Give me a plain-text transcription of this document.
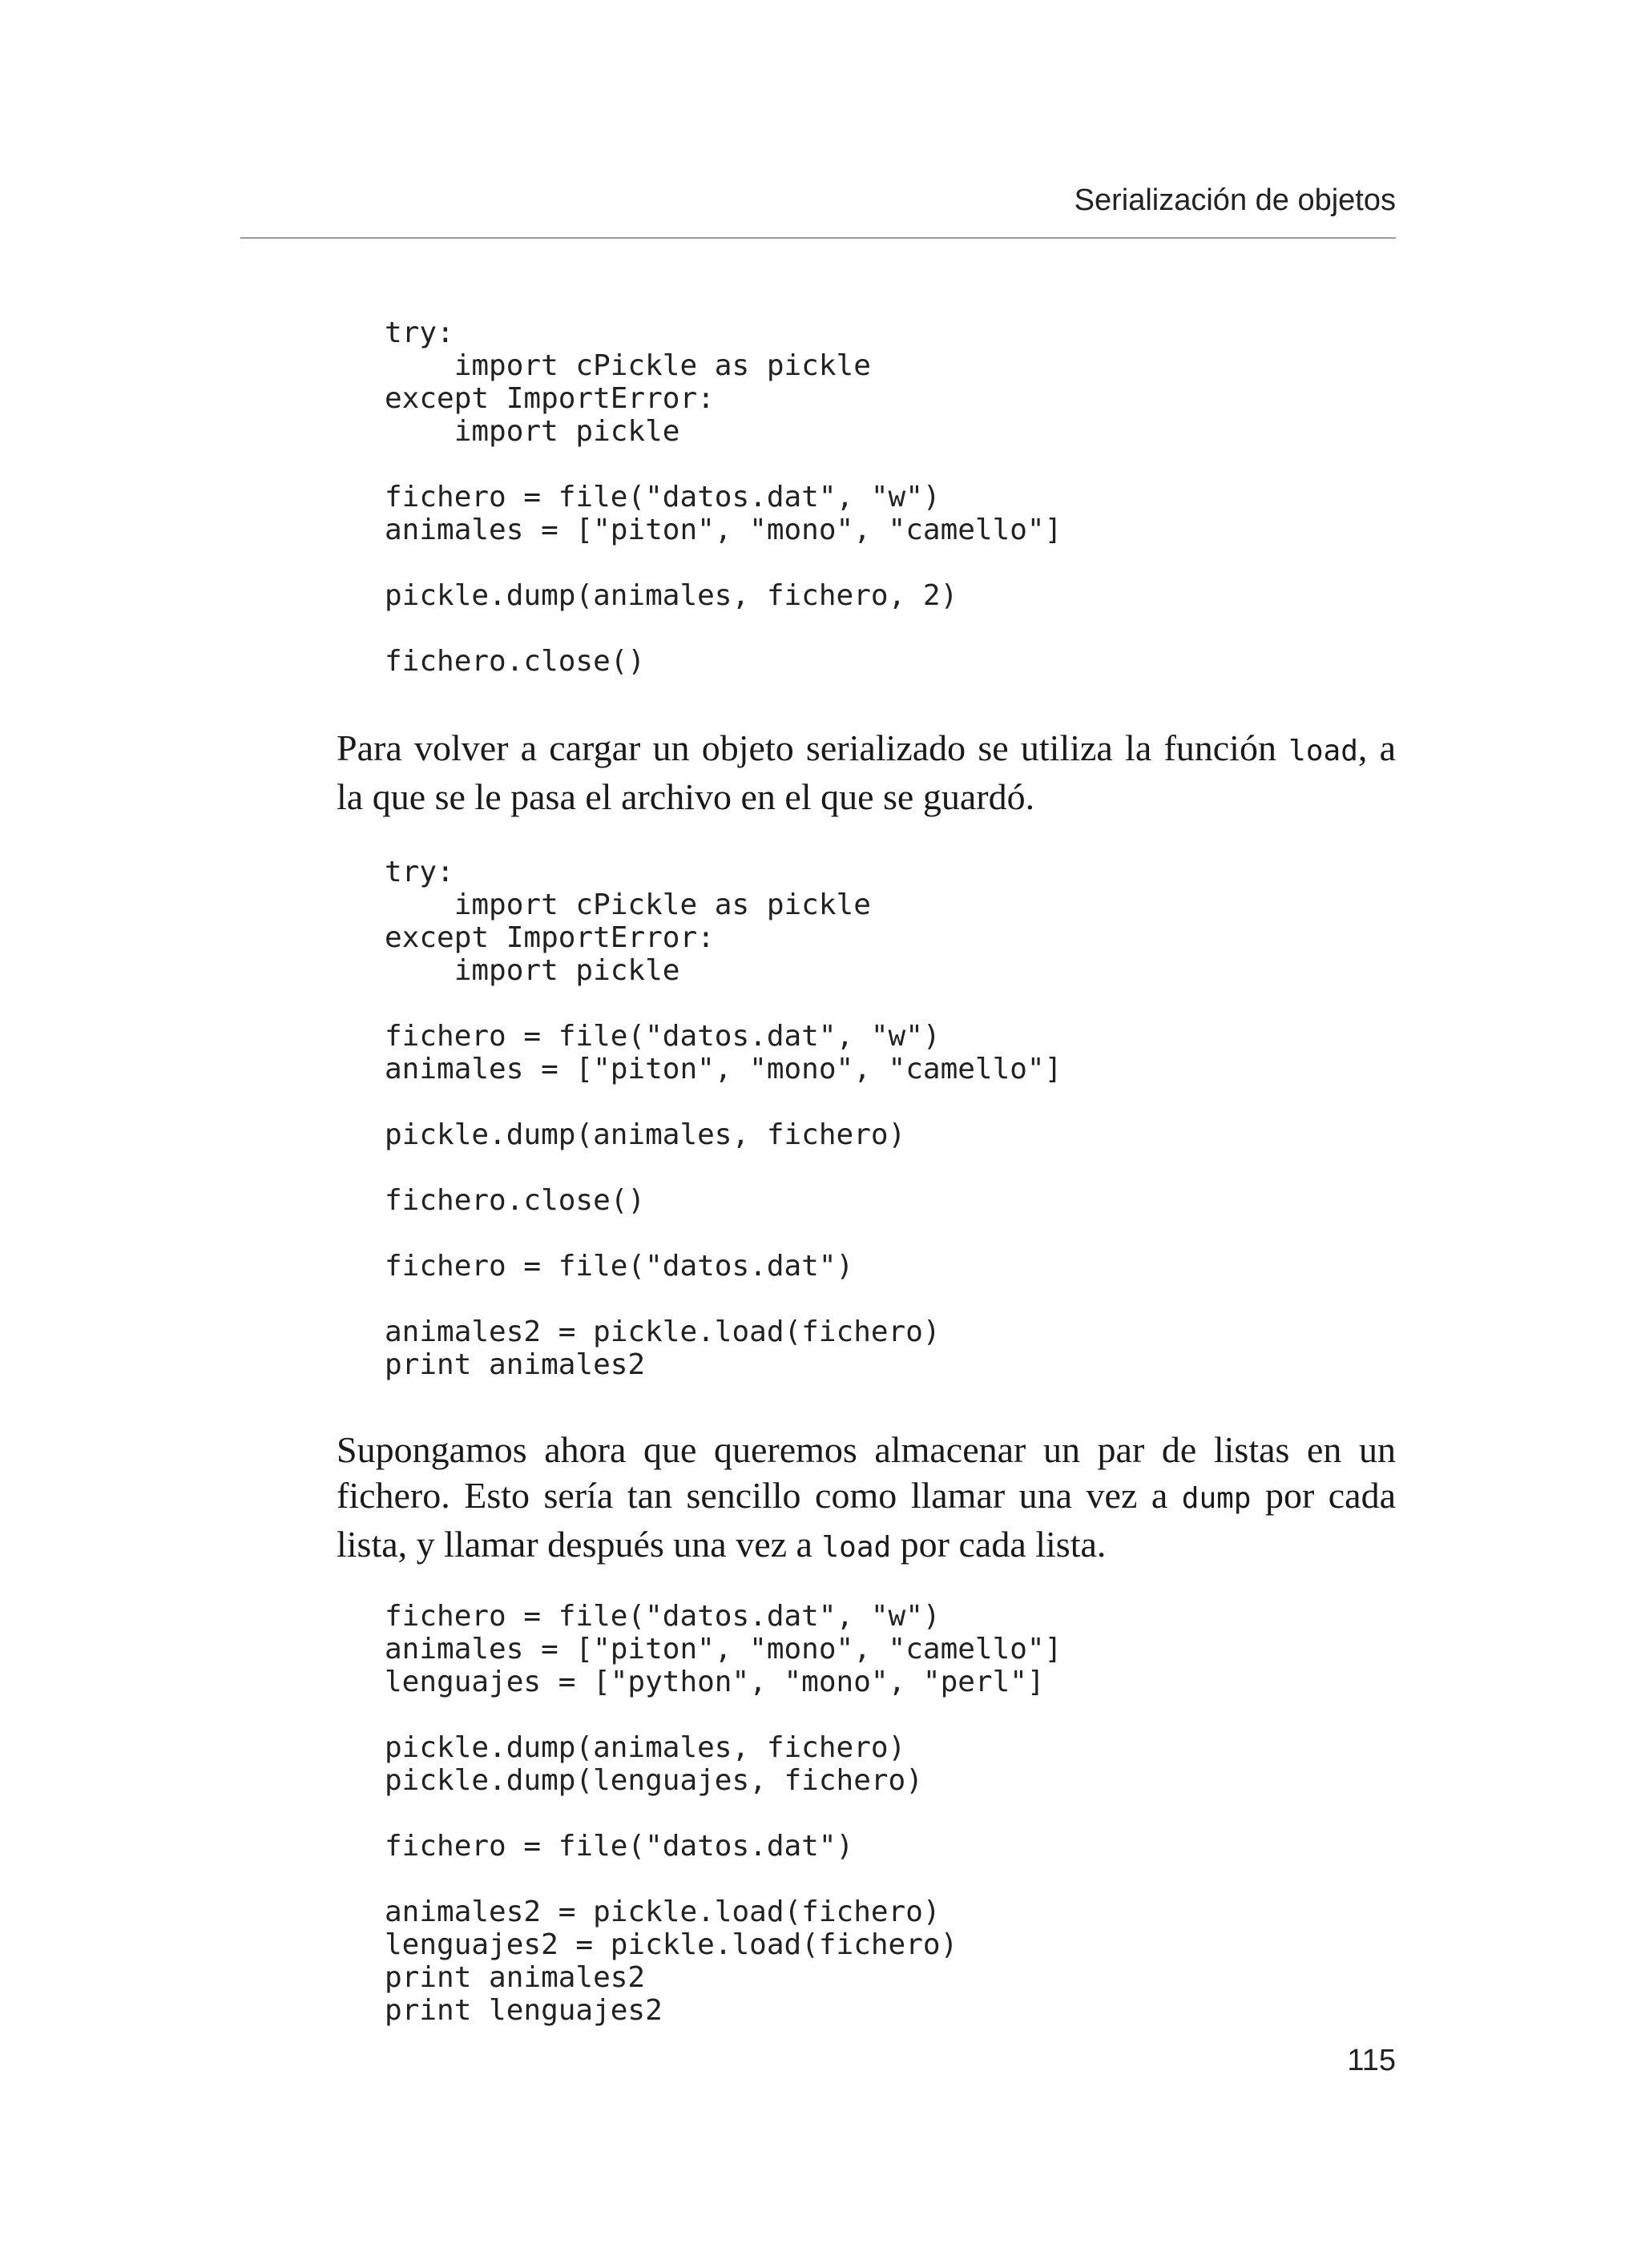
Serialización de objetos
try:
import cPickle as pickle
except ImportError:
import pickle
fichero = file("datos.dat", "w")
animales = ["piton", "mono", "camello"]
pickle.dump(animales, fichero, 2)
fichero.close()

Para volver a cargar un objeto serializado se utiliza la función load, a la que se le pasa el archivo en el que se guardó.

try:
import cPickle as pickle
except ImportError:
import pickle
fichero = file("datos.dat", "w")
animales = ["piton", "mono", "camello"]
pickle.dump(animales, fichero)
fichero.close()
fichero = file("datos.dat")
animales2 = pickle.load(fichero)
print animales2

Supongamos ahora que queremos almacenar un par de listas en un fichero. Esto sería tan sencillo como llamar una vez a dump por cada lista, y llamar después una vez a load por cada lista.

fichero = file("datos.dat", "w")
animales = ["piton", "mono", "camello"]
lenguajes = ["python", "mono", "perl"]
pickle.dump(animales, fichero)
pickle.dump(lenguajes, fichero)
fichero = file("datos.dat")
animales2 = pickle.load(fichero)
lenguajes2 = pickle.load(fichero)
print animales2
print lenguajes2
115
